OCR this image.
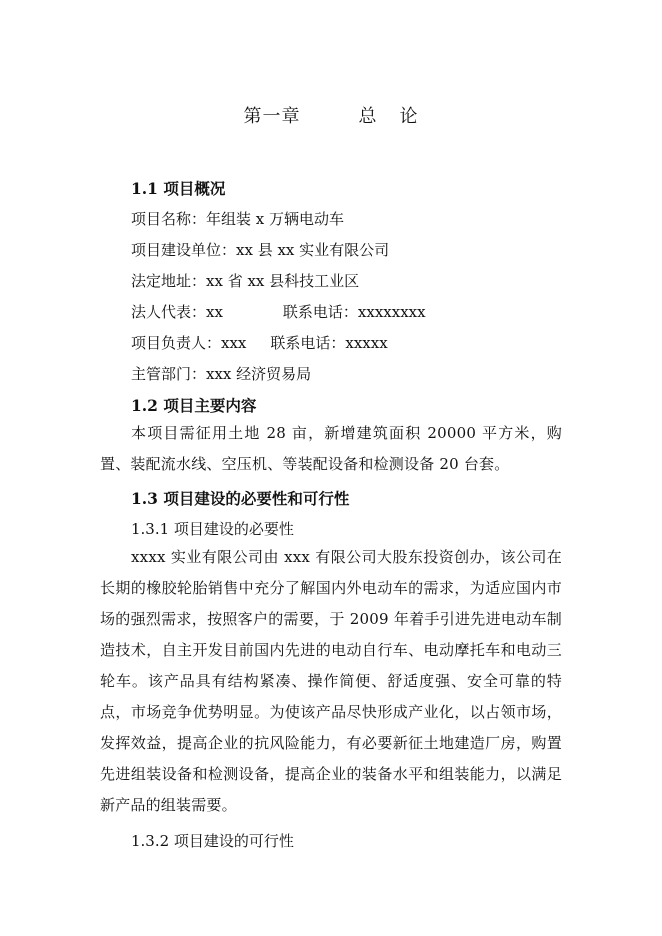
第一章	总 论
1.1 项目概况
项目名称：年组装 x 万辆电动车
项目建设单位：xx 县 xx 实业有限公司
法定地址：xx 省 xx 县科技工业区
法人代表：xx	联系电话：xxxxxxxx
项目负责人：xxx 联系电话：xxxxx
主管部门：xxx 经济贸易局
1.2 项目主要内容
本项目需征用土地 28 亩，新增建筑面积 20000 平方米，购置、装配流水线、空压机、等装配设备和检测设备 20 台套。
1.3 项目建设的必要性和可行性
1.3.1 项目建设的必要性
xxxx 实业有限公司由 xxx 有限公司大股东投资创办，该公司在长期的橡胶轮胎销售中充分了解国内外电动车的需求，为适应国内市场的强烈需求，按照客户的需要，于 2009 年着手引进先进电动车制造技术，自主开发目前国内先进的电动自行车、电动摩托车和电动三轮车。该产品具有结构紧凑、操作简便、舒适度强、安全可靠的特点，市场竞争优势明显。为使该产品尽快形成产业化，以占领市场，发挥效益，提高企业的抗风险能力，有必要新征土地建造厂房，购置先进组装设备和检测设备，提高企业的装备水平和组装能力，以满足新产品的组装需要。
1.3.2 项目建设的可行性
